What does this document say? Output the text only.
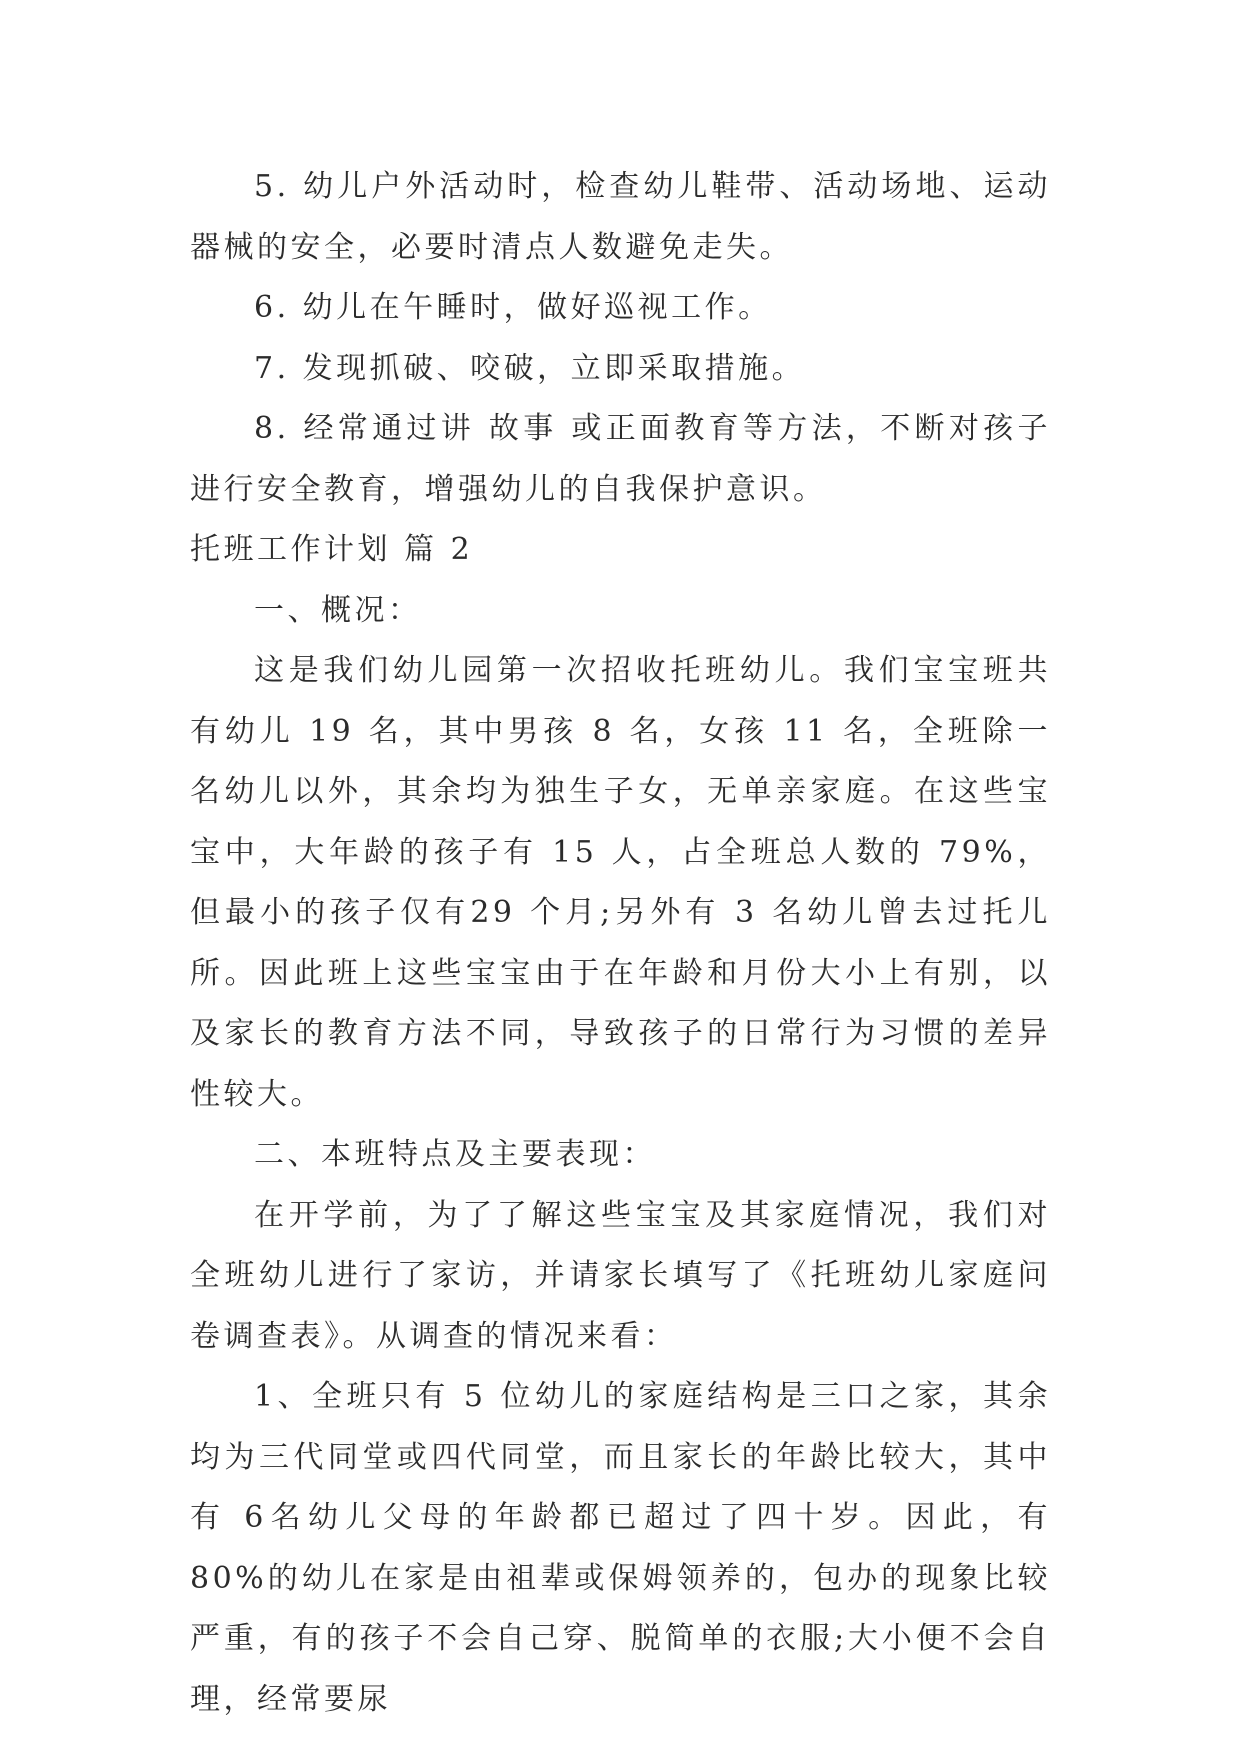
5. 幼儿户外活动时，检查幼儿鞋带、活动场地、运动器械的安全，必要时清点人数避免走失。

6. 幼儿在午睡时，做好巡视工作。

7. 发现抓破、咬破，立即采取措施。

8. 经常通过讲 故事 或正面教育等方法，不断对孩子进行安全教育，增强幼儿的自我保护意识。

托班工作计划 篇 2

一、概况：

这是我们幼儿园第一次招收托班幼儿。我们宝宝班共有幼儿 19 名，其中男孩 8 名，女孩 11 名，全班除一名幼儿以外，其余均为独生子女，无单亲家庭。在这些宝宝中，大年龄的孩子有 15 人，占全班总人数的 79%，但最小的孩子仅有29 个月;另外有 3 名幼儿曾去过托儿所。因此班上这些宝宝由于在年龄和月份大小上有别，以及家长的教育方法不同，导致孩子的日常行为习惯的差异性较大。

二、本班特点及主要表现：

在开学前，为了了解这些宝宝及其家庭情况，我们对全班幼儿进行了家访，并请家长填写了《托班幼儿家庭问卷调查表》。从调查的情况来看：

1、全班只有 5 位幼儿的家庭结构是三口之家，其余均为三代同堂或四代同堂，而且家长的年龄比较大，其中有 6名幼儿父母的年龄都已超过了四十岁。因此，有 80%的幼儿在家是由祖辈或保姆领养的，包办的现象比较严重，有的孩子不会自己穿、脱简单的衣服;大小便不会自理，经常要尿
